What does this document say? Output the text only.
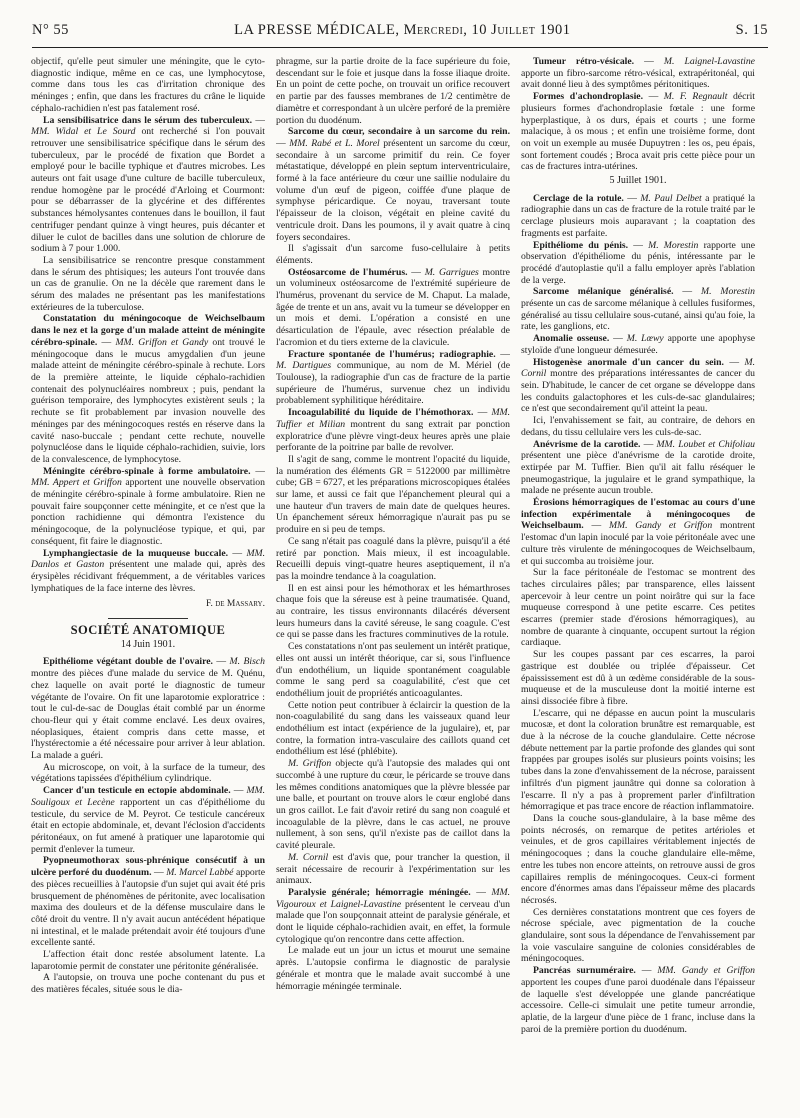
N° 55	LA PRESSE MÉDICALE, Mercredi, 10 Juillet 1901	S. 15

objectif, qu'elle peut simuler une méningite, que le cyto-diagnostic indique, même en ce cas, une lymphocytose, comme dans tous les cas d'irritation chronique des méninges ; enfin, que dans les fractures du crâne le liquide céphalo-rachidien n'est pas fatalement rosé.

La sensibilisatrice dans le sérum des tuberculeux. — MM. Widal et Le Sourd ont recherché si l'on pouvait retrouver une sensibilisatrice spécifique dans le sérum des tuberculeux, par le procédé de fixation que Bordet a employé pour le bacille typhique et d'autres microbes. Les auteurs ont fait usage d'une culture de bacille tuberculeux, rendue homogène par le procédé d'Arloing et Courmont: pour se débarrasser de la glycérine et des différentes substances hémolysantes contenues dans le bouillon, il faut centrifuger pendant quinze à vingt heures, puis décanter et diluer le culot de bacilles dans une solution de chlorure de sodium à 7 pour 1.000.

La sensibilisatrice se rencontre presque constamment dans le sérum des phtisiques; les auteurs l'ont trouvée dans un cas de granulie. On ne la décèle que rarement dans le sérum des malades ne présentant pas les manifestations extérieures de la tuberculose.

Constatation du méningocoque de Weichselbaum dans le nez et la gorge d'un malade atteint de méningite cérébro-spinale. — MM. Griffon et Gandy ont trouvé le méningocoque dans le mucus amygdalien d'un jeune malade atteint de méningite cérébro-spinale à rechute. Lors de la première atteinte, le liquide céphalo-rachidien contenait des polynucléaires nombreux ; puis, pendant la guérison temporaire, des lymphocytes existèrent seuls ; la rechute se fit probablement par invasion nouvelle des méninges par des méningocoques restés en réserve dans la cavité naso-buccale ; pendant cette rechute, nouvelle polynucléose dans le liquide céphalo-rachidien, suivie, lors de la convalescence, de lymphocytose.

Méningite cérébro-spinale à forme ambulatoire. — MM. Appert et Griffon apportent une nouvelle observation de méningite cérébro-spinale à forme ambulatoire. Rien ne pouvait faire soupçonner cette méningite, et ce n'est que la ponction rachidienne qui démontra l'existence du méningocoque, de la polynucléose typique, et qui, par conséquent, fit faire le diagnostic.

Lymphangiectasie de la muqueuse buccale. — MM. Danlos et Gaston présentent une malade qui, après des érysipèles récidivant fréquemment, a de véritables varices lymphatiques de la face interne des lèvres.

F. de Massary.
SOCIÉTÉ ANATOMIQUE
14 Juin 1901.

Epithéliome végétant double de l'ovaire. — M. Bisch montre des pièces d'une malade du service de M. Quénu, chez laquelle on avait porté le diagnostic de tumeur végétante de l'ovaire. On fit une laparotomie exploratrice : tout le cul-de-sac de Douglas était comblé par un énorme chou-fleur qui y était comme enclavé. Les deux ovaires, néoplasiques, étaient compris dans cette masse, et l'hystérectomie a été nécessaire pour arriver à leur ablation. La malade a guéri.

Au microscope, on voit, à la surface de la tumeur, des végétations tapissées d'épithélium cylindrique.

Cancer d'un testicule en ectopie abdominale. — MM. Souligoux et Lecène rapportent un cas d'épithéliome du testicule, du service de M. Peyrot. Ce testicule cancéreux était en ectopie abdominale, et, devant l'éclosion d'accidents péritonéaux, on fut amené à pratiquer une laparotomie qui permit d'enlever la tumeur.

Pyopneumothorax sous-phrénique consécutif à un ulcère perforé du duodénum. — M. Marcel Labbé apporte des pièces recueillies à l'autopsie d'un sujet qui avait été pris brusquement de phénomènes de péritonite, avec localisation maxima des douleurs et de la défense musculaire dans le côté droit du ventre. Il n'y avait aucun antécédent hépatique ni intestinal, et le malade prétendait avoir été toujours d'une excellente santé.

L'affection était donc restée absolument latente. La laparotomie permit de constater une péritonite généralisée.

A l'autopsie, on trouva une poche contenant du pus et des matières fécales, située sous le dia-

phragme, sur la partie droite de la face supérieure du foie, descendant sur le foie et jusque dans la fosse iliaque droite. En un point de cette poche, on trouvait un orifice recouvert en partie par des fausses membranes de 1/2 centimètre de diamètre et correspondant à un ulcère perforé de la première portion du duodénum.

Sarcome du cœur, secondaire à un sarcome du rein. — MM. Rabé et L. Morel présentent un sarcome du cœur, secondaire à un sarcome primitif du rein. Ce foyer métastatique, développé en plein septum interventriculaire, formé à la face antérieure du cœur une saillie nodulaire du volume d'un œuf de pigeon, coiffée d'une plaque de symphyse péricardique. Ce noyau, traversant toute l'épaisseur de la cloison, végétait en pleine cavité du ventricule droit. Dans les poumons, il y avait quatre à cinq foyers secondaires.

Il s'agissait d'un sarcome fuso-cellulaire à petits éléments.

Ostéosarcome de l'humérus. — M. Garrigues montre un volumineux ostéosarcome de l'extrémité supérieure de l'humérus, provenant du service de M. Chaput. La malade, âgée de trente et un ans, avait vu la tumeur se développer en un mois et demi. L'opération a consisté en une désarticulation de l'épaule, avec résection préalable de l'acromion et du tiers externe de la clavicule.

Fracture spontanée de l'humérus; radiographie. — M. Dartigues communique, au nom de M. Mériel (de Toulouse), la radiographie d'un cas de fracture de la partie supérieure de l'humérus, survenue chez un individu probablement syphilitique héréditaire.

Incoagulabilité du liquide de l'hémothorax. — MM. Tuffier et Milian montrent du sang extrait par ponction exploratrice d'une plèvre vingt-deux heures après une plaie perforante de la poitrine par balle de revolver.

Il s'agit de sang, comme le montrent l'opacité du liquide, la numération des éléments GR = 5122000 par millimètre cube; GB = 6727, et les préparations microscopiques étalées sur lame, et aussi ce fait que l'épanchement pleural qui a une hauteur d'un travers de main date de quelques heures. Un épanchement séreux hémorragique n'aurait pas pu se produire en si peu de temps.

Ce sang n'était pas coagulé dans la plèvre, puisqu'il a été retiré par ponction. Mais mieux, il est incoagulable. Recueilli depuis vingt-quatre heures aseptiquement, il n'a pas la moindre tendance à la coagulation.

Il en est ainsi pour les hémothorax et les hémarthroses chaque fois que la séreuse est à peine traumatisée. Quand, au contraire, les tissus environnants dilacérés déversent leurs humeurs dans la cavité séreuse, le sang coagule. C'est ce qui se passe dans les fractures comminutives de la rotule.

Ces constatations n'ont pas seulement un intérêt pratique, elles ont aussi un intérêt théorique, car si, sous l'influence d'un endothélium, un liquide spontanément coagulable comme le sang perd sa coagulabilité, c'est que cet endothélium jouit de propriétés anticoagulantes.

Cette notion peut contribuer à éclaircir la question de la non-coagulabilité du sang dans les vaisseaux quand leur endothélium est intact (expérience de la jugulaire), et, par contre, la formation intra-vasculaire des caillots quand cet endothélium est lésé (phlébite).

M. Griffon objecte qu'à l'autopsie des malades qui ont succombé à une rupture du cœur, le péricarde se trouve dans les mêmes conditions anatomiques que la plèvre blessée par une balle, et pourtant on trouve alors le cœur englobé dans un gros caillot. Le fait d'avoir retiré du sang non coagulé et incoagulable de la plèvre, dans le cas actuel, ne prouve nullement, à son sens, qu'il n'existe pas de caillot dans la cavité pleurale.

M. Cornil est d'avis que, pour trancher la question, il serait nécessaire de recourir à l'expérimentation sur les animaux.

Paralysie générale; hémorragie méningée. — MM. Vigouroux et Laignel-Lavastine présentent le cerveau d'un malade que l'on soupçonnait atteint de paralysie générale, et dont le liquide céphalo-rachidien avait, en effet, la formule cytologique qu'on rencontre dans cette affection.

Le malade eut un jour un ictus et mourut une semaine après. L'autopsie confirma le diagnostic de paralysie générale et montra que le malade avait succombé à une hémorragie méningée terminale.

Tumeur rétro-vésicale. — M. Laignel-Lavastine apporte un fibro-sarcome rétro-vésical, extrapéritonéal, qui avait donné lieu à des symptômes péritonitiques.

Formes d'achondroplasie. — M. F. Regnault décrit plusieurs formes d'achondroplasie fœtale : une forme hyperplastique, à os durs, épais et courts ; une forme malacique, à os mous ; et enfin une troisième forme, dont on voit un exemple au musée Dupuytren : les os, peu épais, sont fortement coudés ; Broca avait pris cette pièce pour un cas de fractures intra-utérines.

5 Juillet 1901.

Cerclage de la rotule. — M. Paul Delbet a pratiqué la radiographie dans un cas de fracture de la rotule traité par le cerclage plusieurs mois auparavant ; la coaptation des fragments est parfaite.

Epithéliome du pénis. — M. Morestin rapporte une observation d'épithéliome du pénis, intéressante par le procédé d'autoplastie qu'il a fallu employer après l'ablation de la verge.

Sarcome mélanique généralisé. — M. Morestin présente un cas de sarcome mélanique à cellules fusiformes, généralisé au tissu cellulaire sous-cutané, ainsi qu'au foie, la rate, les ganglions, etc.

Anomalie osseuse. — M. Lœwy apporte une apophyse styloïde d'une longueur démesurée.

Histogenèse anormale d'un cancer du sein. — M. Cornil montre des préparations intéressantes de cancer du sein. D'habitude, le cancer de cet organe se développe dans les conduits galactophores et les culs-de-sac glandulaires; ce n'est que secondairement qu'il atteint la peau.

Ici, l'envahissement se fait, au contraire, de dehors en dedans, du tissu cellulaire vers les culs-de-sac.

Anévrisme de la carotide. — MM. Loubet et Chifoliau présentent une pièce d'anévrisme de la carotide droite, extirpée par M. Tuffier. Bien qu'il ait fallu réséquer le pneumogastrique, la jugulaire et le grand sympathique, la malade ne présente aucun trouble.

Érosions hémorragiques de l'estomac au cours d'une infection expérimentale à méningocoques de Weichselbaum. — MM. Gandy et Griffon montrent l'estomac d'un lapin inoculé par la voie péritonéale avec une culture très virulente de méningocoques de Weichselbaum, et qui succomba au troisième jour.

Sur la face péritonéale de l'estomac se montrent des taches circulaires pâles; par transparence, elles laissent apercevoir à leur centre un point noirâtre qui sur la face muqueuse correspond à une petite escarre. Ces petites escarres (premier stade d'érosions hémorragiques), au nombre de quarante à cinquante, occupent surtout la région cardiaque.

Sur les coupes passant par ces escarres, la paroi gastrique est doublée ou triplée d'épaisseur. Cet épaississement est dû à un œdème considérable de la sous-muqueuse et de la musculeuse dont la moitié interne est ainsi dissociée fibre à fibre.

L'escarre, qui ne dépasse en aucun point la muscularis mucosæ, et dont la coloration brunâtre est remarquable, est due à la nécrose de la couche glandulaire. Cette nécrose débute nettement par la partie profonde des glandes qui sont frappées par groupes isolés sur plusieurs points voisins; les tubes dans la zone d'envahissement de la nécrose, paraissent infiltrés d'un pigment jaunâtre qui donne sa coloration à l'escarre. Il n'y a pas à proprement parler d'infiltration hémorragique et pas trace encore de réaction inflammatoire.

Dans la couche sous-glandulaire, à la base même des points nécrosés, on remarque de petites artérioles et veinules, et de gros capillaires véritablement injectés de méningocoques ; dans la couche glandulaire elle-même, entre les tubes non encore atteints, on retrouve aussi de gros capillaires remplis de méningocoques. Ceux-ci forment encore d'énormes amas dans l'épaisseur même des placards nécrosés.

Ces dernières constatations montrent que ces foyers de nécrose spéciale, avec pigmentation de la couche glandulaire, sont sous la dépendance de l'envahissement par la voie vasculaire sanguine de colonies considérables de méningocoques.

Pancréas surnuméraire. — MM. Gandy et Griffon apportent les coupes d'une paroi duodénale dans l'épaisseur de laquelle s'est développée une glande pancréatique accessoire. Celle-ci simulait une petite tumeur arrondie, aplatie, de la largeur d'une pièce de 1 franc, incluse dans la paroi de la première portion du duodénum.
